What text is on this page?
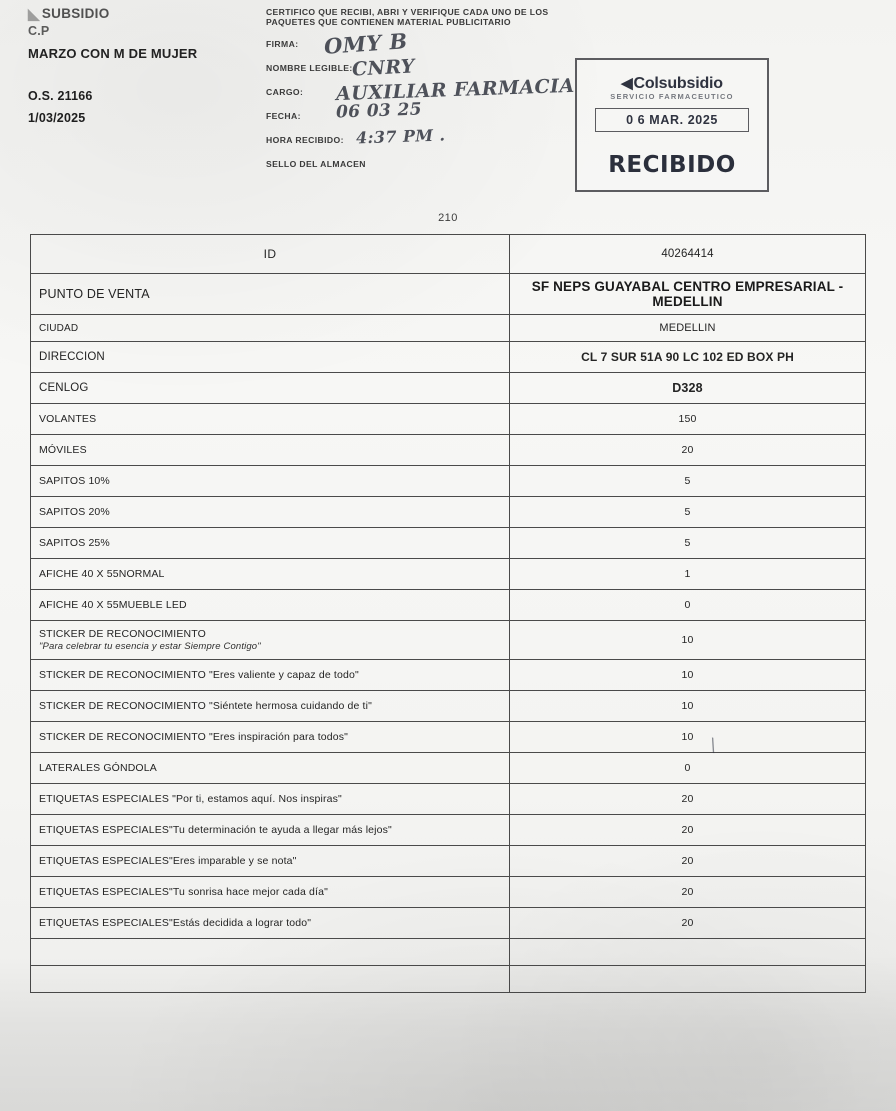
◣ SUBSIDIO
C.P
MARZO CON M DE MUJER
O.S. 21166
1/03/2025
CERTIFICO QUE RECIBI, ABRI Y VERIFIQUE CADA UNO DE LOS PAQUETES QUE CONTIENEN MATERIAL PUBLICITARIO
FIRMA: OMY B
NOMBRE LEGIBLE:
CNRY
CARGO: AUXILIAR FARMACIA
FECHA: 06 03 25
HORA RECIBIDO: 4:37 PM .
SELLO DEL ALMACEN
◀Colsubsidio
SERVICIO FARMACEUTICO
0 6 MAR. 2025
RECIBIDO
210
ID	40264414
PUNTO DE VENTA	SF NEPS GUAYABAL CENTRO EMPRESARIAL - MEDELLIN
CIUDAD	MEDELLIN
DIRECCION	CL 7 SUR 51A 90 LC 102 ED BOX PH
CENLOG	D328
VOLANTES	150
MÓVILES	20
SAPITOS 10%	5
SAPITOS 20%	5
SAPITOS 25%	5
AFICHE 40 X 55NORMAL	1
AFICHE 40 X 55MUEBLE LED	0
STICKER DE RECONOCIMIENTO
"Para celebrar tu esencia y estar Siempre Contigo"	10
STICKER DE RECONOCIMIENTO "Eres valiente y capaz de todo"	10
STICKER DE RECONOCIMIENTO "Siéntete hermosa cuidando de ti"	10
STICKER DE RECONOCIMIENTO "Eres inspiración para todos"	10
LATERALES GÓNDOLA	0
ETIQUETAS ESPECIALES "Por ti, estamos aquí. Nos inspiras"	20
ETIQUETAS ESPECIALES"Tu determinación te ayuda a llegar más lejos"	20
ETIQUETAS ESPECIALES"Eres imparable y se nota"	20
ETIQUETAS ESPECIALES"Tu sonrisa hace mejor cada día"	20
ETIQUETAS ESPECIALES"Estás decidida a lograr todo"	20

\
